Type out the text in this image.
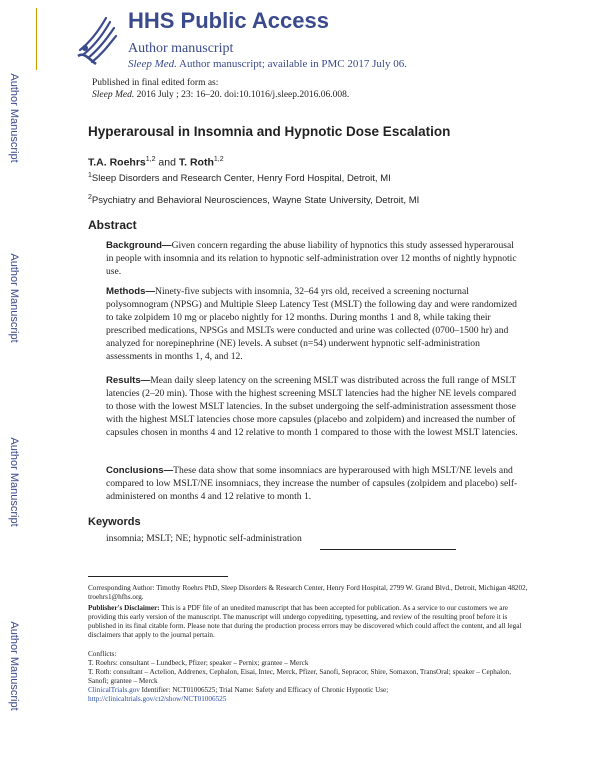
Author Manuscript
Author Manuscript
Author Manuscript
Author Manuscript
HHS Public Access
Author manuscript
Sleep Med. Author manuscript; available in PMC 2017 July 06.
Published in final edited form as:
Sleep Med. 2016 July ; 23: 16–20. doi:10.1016/j.sleep.2016.06.008.
Hyperarousal in Insomnia and Hypnotic Dose Escalation
T.A. Roehrs$^{1,2}$ and T. Roth$^{1,2}$
$^1$Sleep Disorders and Research Center, Henry Ford Hospital, Detroit, MI
$^2$Psychiatry and Behavioral Neurosciences, Wayne State University, Detroit, MI
Abstract
Background—Given concern regarding the abuse liability of hypnotics this study assessed hyperarousal in people with insomnia and its relation to hypnotic self-administration over 12 months of nightly hypnotic use.
Methods—Ninety-five subjects with insomnia, 32–64 yrs old, received a screening nocturnal polysomnogram (NPSG) and Multiple Sleep Latency Test (MSLT) the following day and were randomized to take zolpidem 10 mg or placebo nightly for 12 months. During months 1 and 8, while taking their prescribed medications, NPSGs and MSLTs were conducted and urine was collected (0700–1500 hr) and analyzed for norepinephrine (NE) levels. A subset (n=54) underwent hypnotic self-administration assessments in months 1, 4, and 12.
Results—Mean daily sleep latency on the screening MSLT was distributed across the full range of MSLT latencies (2–20 min). Those with the highest screening MSLT latencies had the higher NE levels compared to those with the lowest MSLT latencies. In the subset undergoing the self-administration assessment those with the highest MSLT latencies chose more capsules (placebo and zolpidem) and increased the number of capsules chosen in months 4 and 12 relative to month 1 compared to those with the lowest MSLT latencies.
Conclusions—These data show that some insomniacs are hyperaroused with high MSLT/NE levels and compared to low MSLT/NE insomniacs, they increase the number of capsules (zolpidem and placebo) self-administered on months 4 and 12 relative to month 1.
Keywords
insomnia; MSLT; NE; hypnotic self-administration
Corresponding Author: Timothy Roehrs PhD, Sleep Disorders & Research Center, Henry Ford Hospital, 2799 W. Grand Blvd., Detroit, Michigan 48202, troehrs1@hfhs.org.
Publisher's Disclaimer: This is a PDF file of an unedited manuscript that has been accepted for publication. As a service to our customers we are providing this early version of the manuscript. The manuscript will undergo copyediting, typesetting, and review of the resulting proof before it is published in its final citable form. Please note that during the production process errors may be discovered which could affect the content, and all legal disclaimers that apply to the journal pertain.
Conflicts:
T. Roehrs: consultant – Lundbeck, Pfizer; speaker – Pernix; grantee – Merck
T. Roth: consultant – Actelion, Addrenex, Cephalon, Eisai, Intec, Merck, Pfizer, Sanofi, Sepracor, Shire, Somaxon, TransOral; speaker – Cephalon, Sanofi; grantee – Merck
ClinicalTrials.gov Identifier: NCT01006525; Trial Name: Safety and Efficacy of Chronic Hypnotic Use; http://clinicaltrials.gov/ct2/show/NCT01006525
